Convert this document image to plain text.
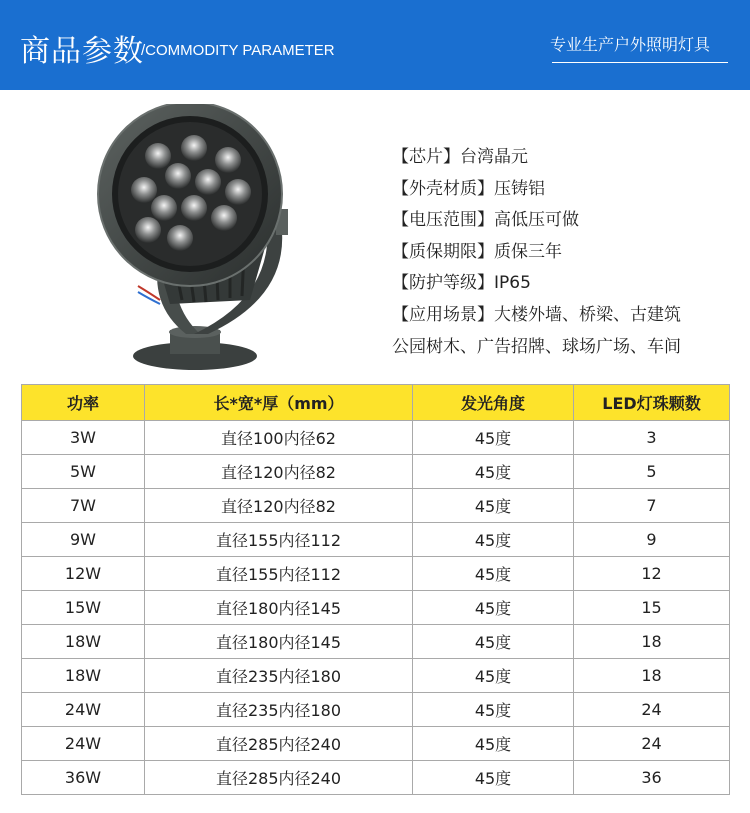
商品参数
/COMMODITY PARAMETER	专业生产户外照明灯具
【芯片】台湾晶元
【外壳材质】压铸铝
【电压范围】高低压可做
【质保期限】质保三年
【防护等级】IP65
【应用场景】大楼外墙、桥梁、古建筑
公园树木、广告招牌、球场广场、车间
功率	长*宽*厚（mm）	发光角度	LED灯珠颗数
3W	直径100内径62	45度	3
5W	直径120内径82	45度	5
7W	直径120内径82	45度	7
9W	直径155内径112	45度	9
12W	直径155内径112	45度	12
15W	直径180内径145	45度	15
18W	直径180内径145	45度	18
18W	直径235内径180	45度	18
24W	直径235内径180	45度	24
24W	直径285内径240	45度	24
36W	直径285内径240	45度	36
